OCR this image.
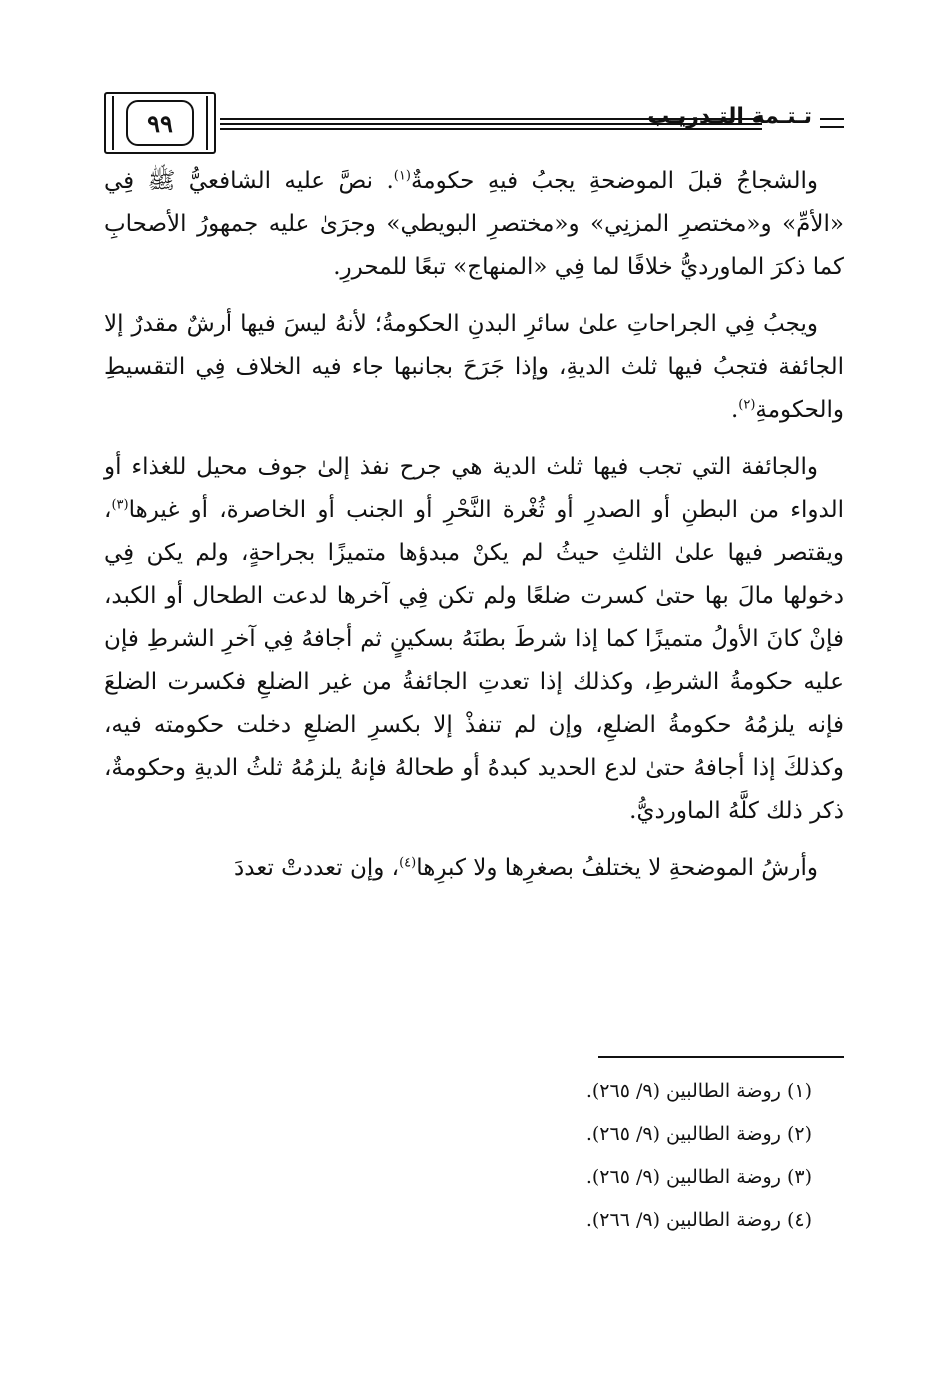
٩٩	تـتـمة التـدريـب

والشجاجُ قبلَ الموضحةِ يجبُ فيهِ حكومةٌ$^{(١)}$. نصَّ عليه الشافعيُّ ﷺ فِي «الأمِّ» و«مختصرِ المزنِي» و«مختصرِ البويطي» وجرَىٰ عليه جمهورُ الأصحابِ كما ذكرَ الماورديُّ خلافًا لما فِي «المنهاج» تبعًا للمحررِ.

ويجبُ فِي الجراحاتِ علىٰ سائرِ البدنِ الحكومةُ؛ لأنهُ ليسَ فيها أرشٌ مقدرٌ إلا الجائفة فتجبُ فيها ثلث الديةِ، وإذا جَرَحَ بجانبها جاء فيه الخلاف فِي التقسيطِ والحكومةِ$^{(٢)}$.

والجائفة التي تجب فيها ثلث الدية هي جرح نفذ إلىٰ جوف محيل للغذاء أو الدواء من البطنِ أو الصدرِ أو ثُغْرة النَّحْرِ أو الجنب أو الخاصرة، أو غيرها$^{(٣)}$، ويقتصر فيها علىٰ الثلثِ حيثُ لم يكنْ مبدؤها متميزًا بجراحةٍ، ولم يكن فِي دخولها مالَ بها حتىٰ كسرت ضلعًا ولم تكن فِي آخرها لدعت الطحال أو الكبد، فإنْ كانَ الأولُ متميزًا كما إذا شرطَ بطنَهُ بسكينٍ ثم أجافهُ فِي آخرِ الشرطِ فإن عليه حكومةُ الشرطِ، وكذلك إذا تعدتِ الجائفةُ من غير الضلعِ فكسرت الضلعَ فإنه يلزمُهُ حكومةُ الضلعِ، وإن لم تنفذْ إلا بكسرِ الضلعِ دخلت حكومته فيه، وكذلكَ إذا أجافهُ حتىٰ لدع الحديد كبدهُ أو طحالهُ فإنهُ يلزمُهُ ثلثُ الديةِ وحكومةٌ، ذكر ذلك كلَّهُ الماورديُّ.

وأرشُ الموضحةِ لا يختلفُ بصغرِها ولا كبرِها$^{(٤)}$، وإن تعددتْ تعددَ

(١) روضة الطالبين (٩/ ٢٦٥).
(٢) روضة الطالبين (٩/ ٢٦٥).
(٣) روضة الطالبين (٩/ ٢٦٥).
(٤) روضة الطالبين (٩/ ٢٦٦).
